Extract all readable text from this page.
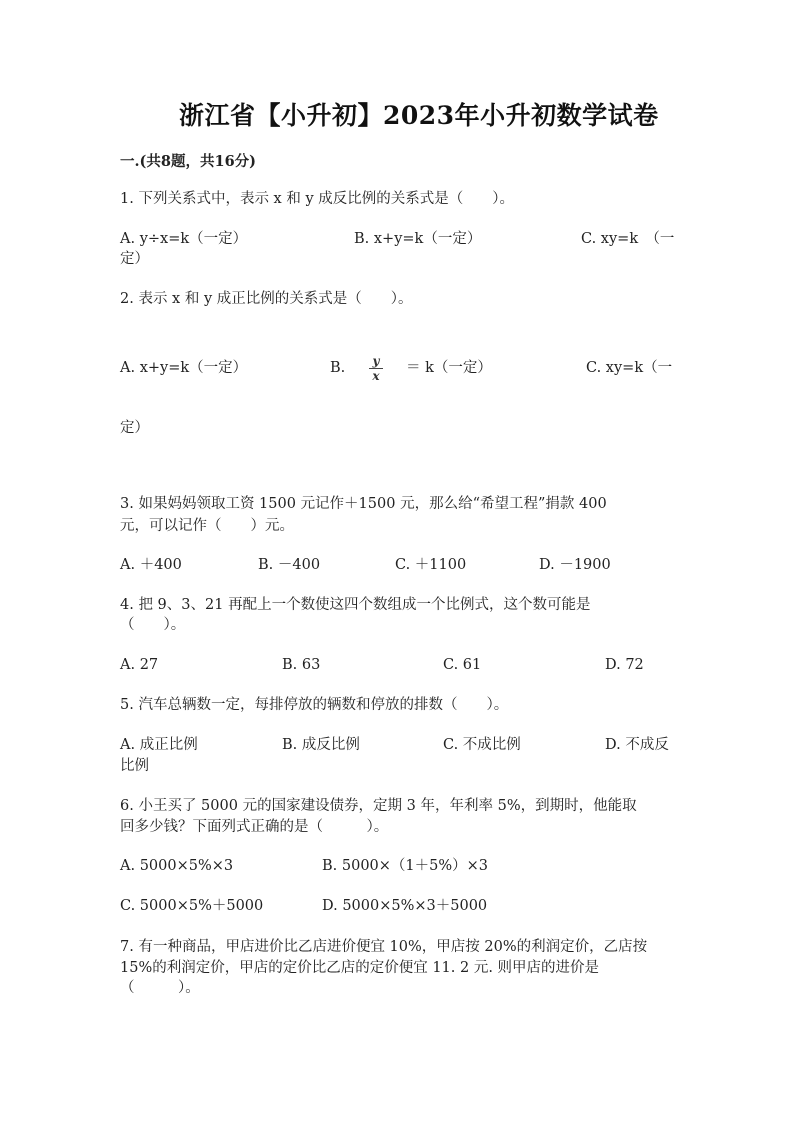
浙江省【小升初】2023年小升初数学试卷
一.(共8题，共16分)
1. 下列关系式中，表示 x 和 y 成反比例的关系式是（　　）。
A. y÷x=k（一定）	B. x+y=k（一定）	C. xy=k　（一
定）
2. 表示 x 和 y 成正比例的关系式是（　　）。
A. x+y=k（一定）	B. y
x ＝ k（一定）	C. xy=k（一
定）
3. 如果妈妈领取工资 1500 元记作＋1500 元，那么给“希望工程”捐款 400
元，可以记作（　　）元。
A. ＋400	B. －400	C. ＋1100	D. －1900
4. 把 9、3、21 再配上一个数使这四个数组成一个比例式，这个数可能是
（　　）。
A. 27	B. 63	C. 61	D. 72
5. 汽车总辆数一定，每排停放的辆数和停放的排数（　　）。
A. 成正比例	B. 成反比例	C. 不成比例	D. 不成反
比例
6. 小王买了 5000 元的国家建设债券，定期 3 年，年利率 5%，到期时，他能取
回多少钱？下面列式正确的是（　　　）。
A. 5000×5%×3	B. 5000×（1＋5%）×3
C. 5000×5%＋5000	D. 5000×5%×3＋5000
7. 有一种商品，甲店进价比乙店进价便宜 10%，甲店按 20%的利润定价，乙店按
15%的利润定价，甲店的定价比乙店的定价便宜 11. 2 元. 则甲店的进价是
（　　　）。
